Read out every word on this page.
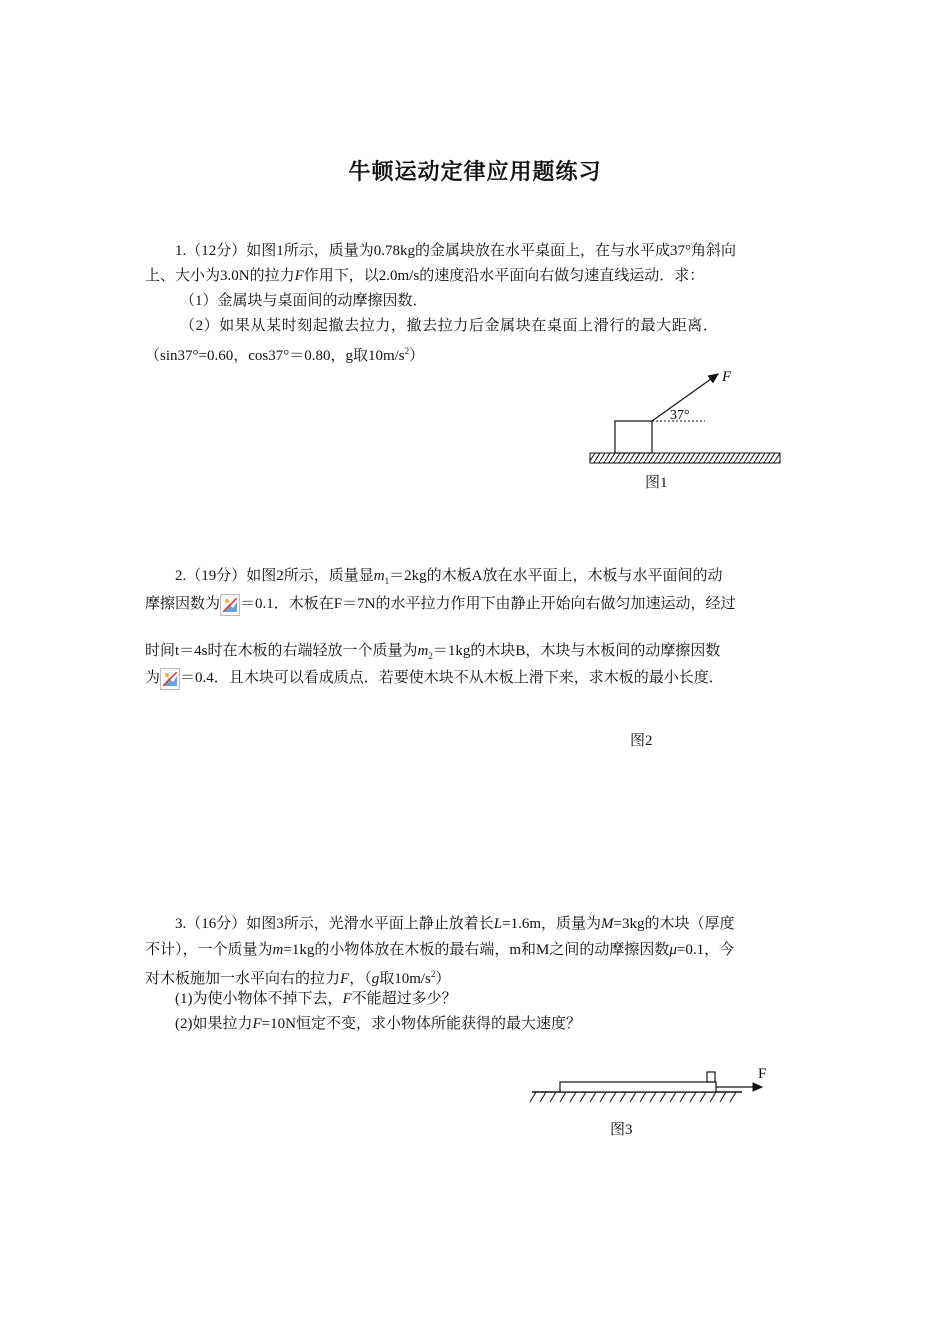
牛顿运动定律应用题练习
1.（12分）如图1所示，质量为0.78kg的金属块放在水平桌面上，在与水平成37°角斜向
上、大小为3.0N的拉力F作用下，以2.0m/s的速度沿水平面向右做匀速直线运动．求：
（1）金属块与桌面间的动摩擦因数．
（2）如果从某时刻起撤去拉力，撤去拉力后金属块在桌面上滑行的最大距离．
（sin37°=0.60，cos37°＝0.80，g取$10m/s^2$）
F
37°
图1
2.（19分）如图2所示，质量显$m_1=2kg$的木板A放在水平面上，木板与水平面间的动
摩擦因数为 ＝0.1．木板在F＝7N的水平拉力作用下由静止开始向右做匀加速运动，经过
时间t＝4s时在木板的右端轻放一个质量为$m_2=1kg$的木块B，木块与木板间的动摩擦因数
为 ＝0.4．且木块可以看成质点．若要使木块不从木板上滑下来，求木板的最小长度．
图2
3.（16分）如图3所示，光滑水平面上静止放着长L=1.6m，质量为M=3kg的木块（厚度
不计），一个质量为m=1kg的小物体放在木板的最右端，m和M之间的动摩擦因数μ=0.1，今
对木板施加一水平向右的拉力F，（g取$10m/s^2$）
(1)为使小物体不掉下去，F不能超过多少？
(2)如果拉力F=10N恒定不变，求小物体所能获得的最大速度？
F
图3
